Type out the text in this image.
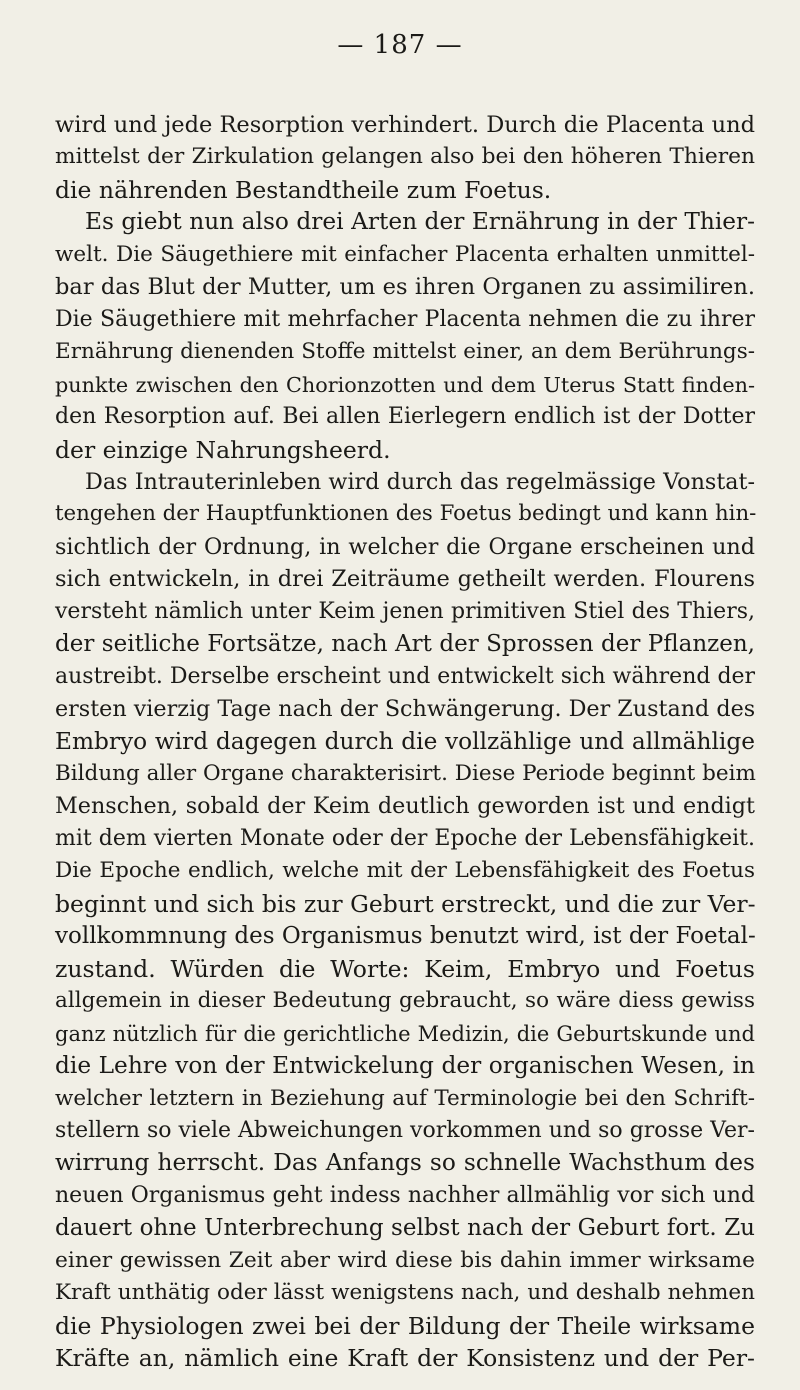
— 187 —
wird und jede Resorption verhindert. Durch die Placenta und
mittelst der Zirkulation gelangen also bei den höheren Thieren
die nährenden Bestandtheile zum Foetus.
Es giebt nun also drei Arten der Ernährung in der Thier-
welt. Die Säugethiere mit einfacher Placenta erhalten unmittel-
bar das Blut der Mutter, um es ihren Organen zu assimiliren.
Die Säugethiere mit mehrfacher Placenta nehmen die zu ihrer
Ernährung dienenden Stoffe mittelst einer, an dem Berührungs-
punkte zwischen den Chorionzotten und dem Uterus Statt finden-
den Resorption auf. Bei allen Eierlegern endlich ist der Dotter
der einzige Nahrungsheerd.
Das Intrauterinleben wird durch das regelmässige Vonstat-
tengehen der Hauptfunktionen des Foetus bedingt und kann hin-
sichtlich der Ordnung, in welcher die Organe erscheinen und
sich entwickeln, in drei Zeiträume getheilt werden. Flourens
versteht nämlich unter Keim jenen primitiven Stiel des Thiers,
der seitliche Fortsätze, nach Art der Sprossen der Pflanzen,
austreibt. Derselbe erscheint und entwickelt sich während der
ersten vierzig Tage nach der Schwängerung. Der Zustand des
Embryo wird dagegen durch die vollzählige und allmählige
Bildung aller Organe charakterisirt. Diese Periode beginnt beim
Menschen, sobald der Keim deutlich geworden ist und endigt
mit dem vierten Monate oder der Epoche der Lebensfähigkeit.
Die Epoche endlich, welche mit der Lebensfähigkeit des Foetus
beginnt und sich bis zur Geburt erstreckt, und die zur Ver-
vollkommnung des Organismus benutzt wird, ist der Foetal-
zustand. Würden die Worte: Keim, Embryo und Foetus
allgemein in dieser Bedeutung gebraucht, so wäre diess gewiss
ganz nützlich für die gerichtliche Medizin, die Geburtskunde und
die Lehre von der Entwickelung der organischen Wesen, in
welcher letztern in Beziehung auf Terminologie bei den Schrift-
stellern so viele Abweichungen vorkommen und so grosse Ver-
wirrung herrscht. Das Anfangs so schnelle Wachsthum des
neuen Organismus geht indess nachher allmählig vor sich und
dauert ohne Unterbrechung selbst nach der Geburt fort. Zu
einer gewissen Zeit aber wird diese bis dahin immer wirksame
Kraft unthätig oder lässt wenigstens nach, und deshalb nehmen
die Physiologen zwei bei der Bildung der Theile wirksame
Kräfte an, nämlich eine Kraft der Konsistenz und der Per-
